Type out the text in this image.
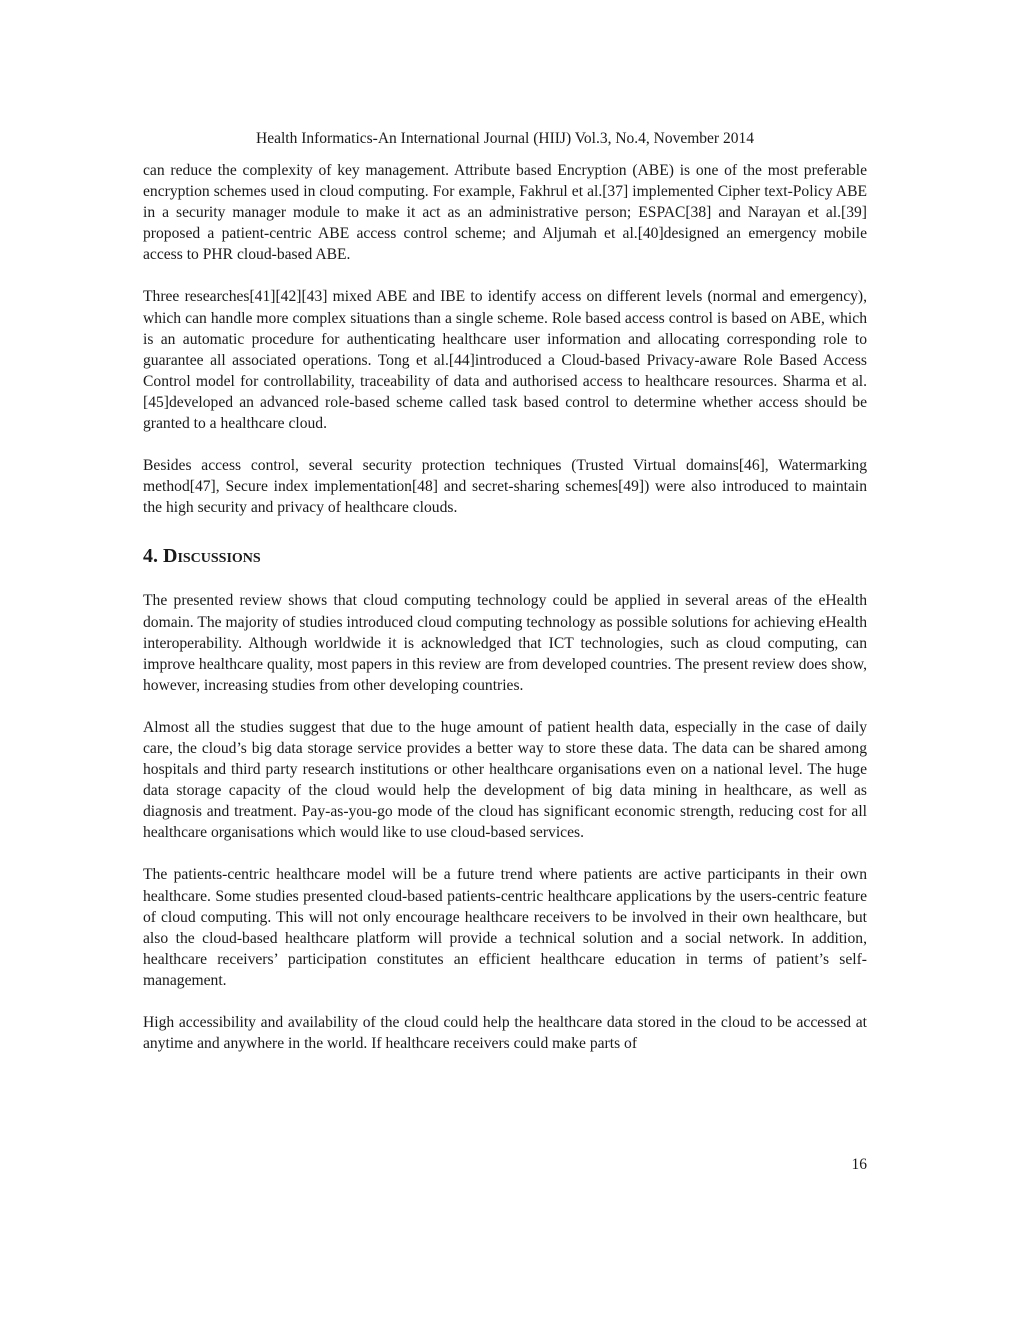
Health Informatics-An International Journal (HIIJ) Vol.3, No.4, November 2014

can reduce the complexity of key management. Attribute based Encryption (ABE) is one of the most preferable encryption schemes used in cloud computing. For example, Fakhrul et al.[37] implemented Cipher text-Policy ABE in a security manager module to make it act as an administrative person; ESPAC[38] and Narayan et al.[39] proposed a patient-centric ABE access control scheme; and Aljumah et al.[40]designed an emergency mobile access to PHR cloud-based ABE.

Three researches[41][42][43] mixed ABE and IBE to identify access on different levels (normal and emergency), which can handle more complex situations than a single scheme. Role based access control is based on ABE, which is an automatic procedure for authenticating healthcare user information and allocating corresponding role to guarantee all associated operations. Tong et al.[44]introduced a Cloud-based Privacy-aware Role Based Access Control model for controllability, traceability of data and authorised access to healthcare resources. Sharma et al.[45]developed an advanced role-based scheme called task based control to determine whether access should be granted to a healthcare cloud.

Besides access control, several security protection techniques (Trusted Virtual domains[46], Watermarking method[47], Secure index implementation[48] and secret-sharing schemes[49]) were also introduced to maintain the high security and privacy of healthcare clouds.

4. Discussions

The presented review shows that cloud computing technology could be applied in several areas of the eHealth domain. The majority of studies introduced cloud computing technology as possible solutions for achieving eHealth interoperability. Although worldwide it is acknowledged that ICT technologies, such as cloud computing, can improve healthcare quality, most papers in this review are from developed countries. The present review does show, however, increasing studies from other developing countries.

Almost all the studies suggest that due to the huge amount of patient health data, especially in the case of daily care, the cloud’s big data storage service provides a better way to store these data. The data can be shared among hospitals and third party research institutions or other healthcare organisations even on a national level. The huge data storage capacity of the cloud would help the development of big data mining in healthcare, as well as diagnosis and treatment. Pay-as-you-go mode of the cloud has significant economic strength, reducing cost for all healthcare organisations which would like to use cloud-based services.

The patients-centric healthcare model will be a future trend where patients are active participants in their own healthcare. Some studies presented cloud-based patients-centric healthcare applications by the users-centric feature of cloud computing. This will not only encourage healthcare receivers to be involved in their own healthcare, but also the cloud-based healthcare platform will provide a technical solution and a social network. In addition, healthcare receivers’ participation constitutes an efficient healthcare education in terms of patient’s self-management.

High accessibility and availability of the cloud could help the healthcare data stored in the cloud to be accessed at anytime and anywhere in the world. If healthcare receivers could make parts of

16
